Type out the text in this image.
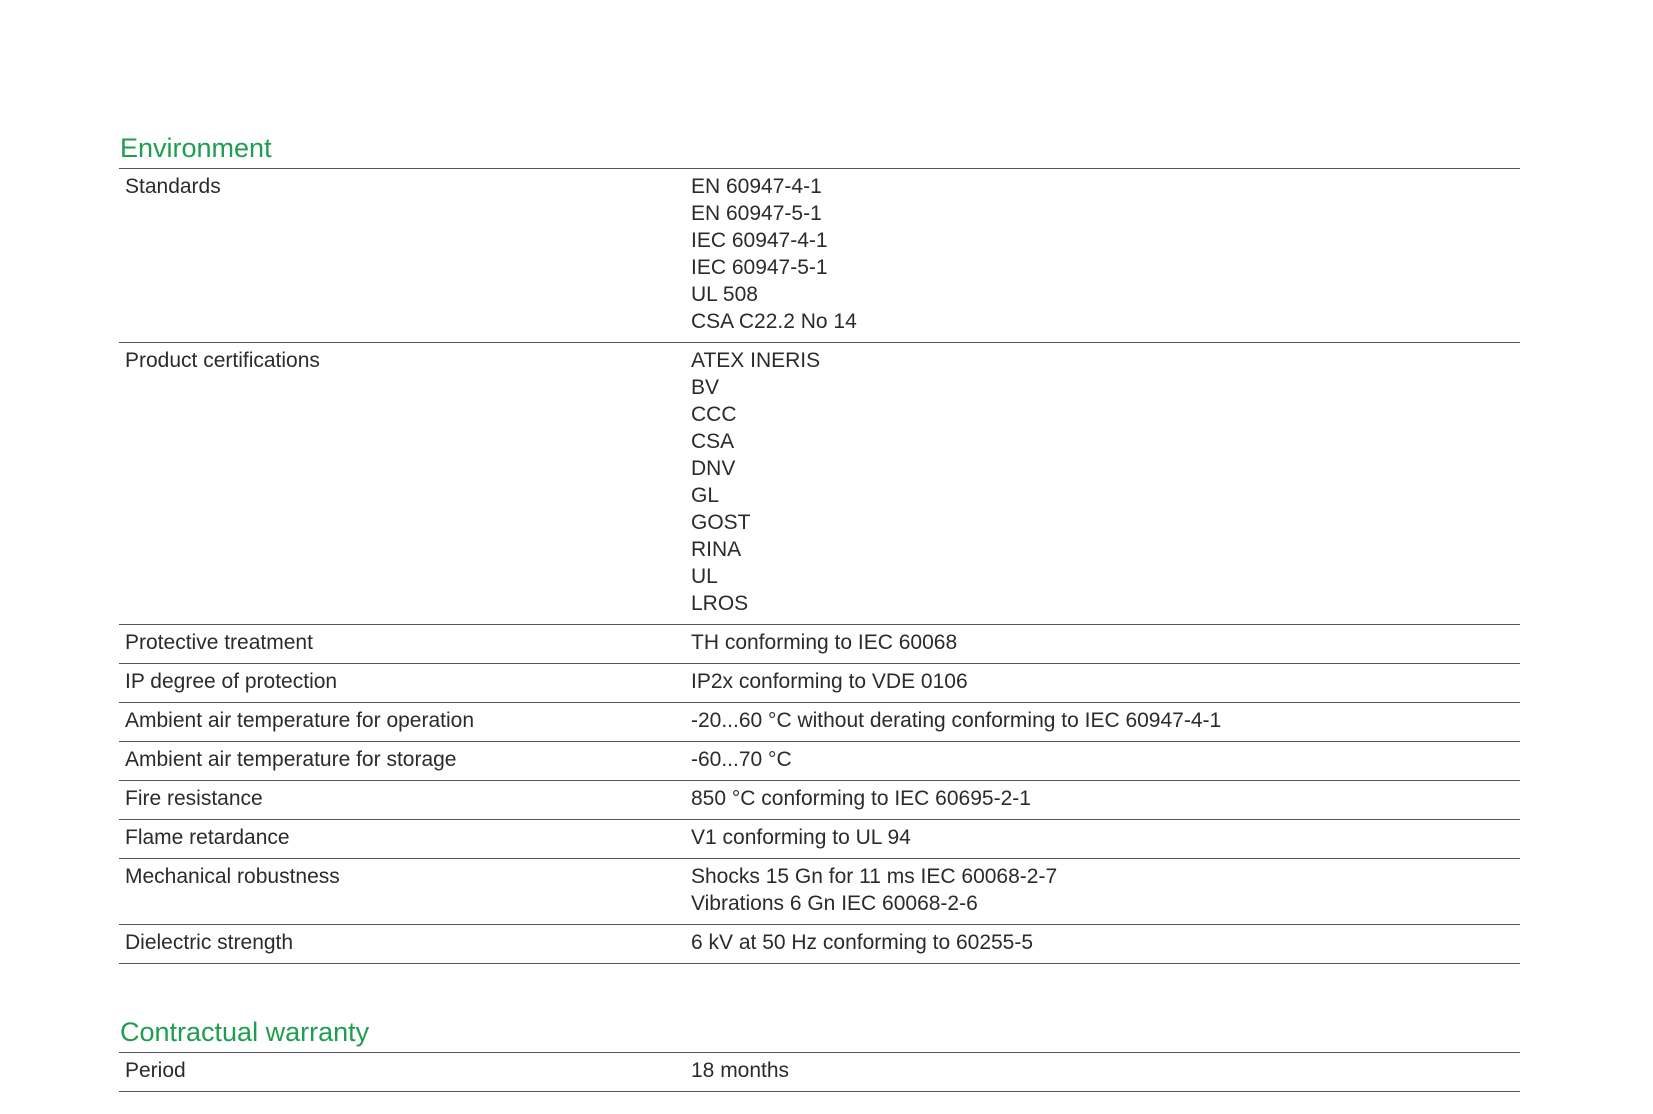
Environment
Standards	EN 60947-4-1
EN 60947-5-1
IEC 60947-4-1
IEC 60947-5-1
UL 508
CSA C22.2 No 14
Product certifications	ATEX INERIS
BV
CCC
CSA
DNV
GL
GOST
RINA
UL
LROS
Protective treatment	TH conforming to IEC 60068
IP degree of protection	IP2x conforming to VDE 0106
Ambient air temperature for operation	-20...60 °C without derating conforming to IEC 60947-4-1
Ambient air temperature for storage	-60...70 °C
Fire resistance	850 °C conforming to IEC 60695-2-1
Flame retardance	V1 conforming to UL 94
Mechanical robustness	Shocks 15 Gn for 11 ms IEC 60068-2-7
Vibrations 6 Gn IEC 60068-2-6
Dielectric strength	6 kV at 50 Hz conforming to 60255-5
Contractual warranty
Period	18 months
